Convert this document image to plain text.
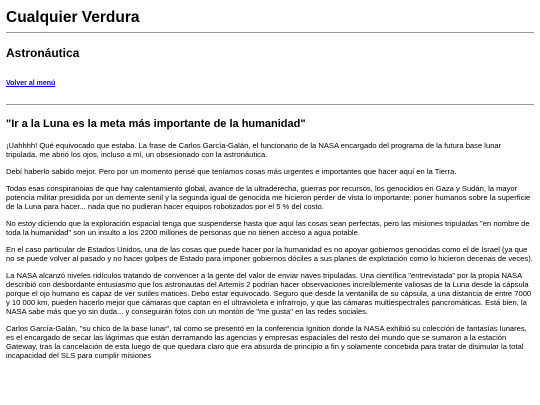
Cualquier Verdura
Astronáutica
Volver al menú
"Ir a la Luna es la meta más importante de la humanidad"

¡Uahhhh! Qué equivocado que estaba. La frase de Carlos García-Galán, el funcionario de la NASA encargado del programa de la futura base lunar tripulada, me abrió los ojos, incluso a mí, un obsesionado con la astronáutica.

Debí haberlo sabido mejor. Pero por un momento pensé que teníamos cosas más urgentes e importantes que hacer aquí en la Tierra.

Todas esas conspiranoias de que hay calentamiento global, avance de la ultraderecha, guerras por recursos, los genocidios en Gaza y Sudán, la mayor potencia militar presidida por un demente senil y la segunda igual de genocida me hicieron perder de vista lo importante: poner humanos sobre la superficie de la Luna para hacer... nada que no pudieran hacer equipos robotizados por el 5 % del costo.

No estoy diciendo que la exploración espacial tenga que suspenderse hasta que aquí las cosas sean perfectas, pero las misiones tripuladas "en nombre de toda la humanidad" son un insulto a los 2200 millones de personas que no tienen acceso a agua potable.

En el caso particular de Estados Unidos, una de las cosas que puede hacer por la humanidad es no apoyar gobiernos genocidas como el de Israel (ya que no se puede volver al pasado y no hacer golpes de Estado para imponer gobiernos dóciles a sus planes de explotación como lo hicieron decenas de veces).

La NASA alcanzó niveles ridículos tratando de convencer a la gente del valor de enviar naves tripuladas. Una científica "entrevistada" por la propia NASA describió con desbordante entusiasmo que los astronautas del Artemis 2 podrían hacer observaciones increíblemente valiosas de la Luna desde la cápsula porque el ojo humano es capaz de ver sutiles matices. Debo estar equivocado. Seguro que desde la ventanilla de su cápsula, a una distancia de entre 7000 y 10 000 km, pueden hacerlo mejor que cámaras que captan en el ultravioleta e infrarrojo, y que las cámaras multiespectrales pancromáticas. Está bien, la NASA sabe más que yo sin duda... y conseguirán fotos con un montón de "me gusta" en las redes sociales.

Carlos García-Galán, "su chico de la base lunar", tal como se presentó en la conferencia Ignition donde la NASA exhibió su colección de fantasías lunares, es el encargado de secar las lágrimas que están derramando las agencias y empresas espaciales del resto del mundo que se sumaron a la estación Gateway, tras la cancelación de esta luego de que quedara claro que era absurda de principio a fin y solamente concebida para tratar de disimular la total incapacidad del SLS para cumplir misiones
